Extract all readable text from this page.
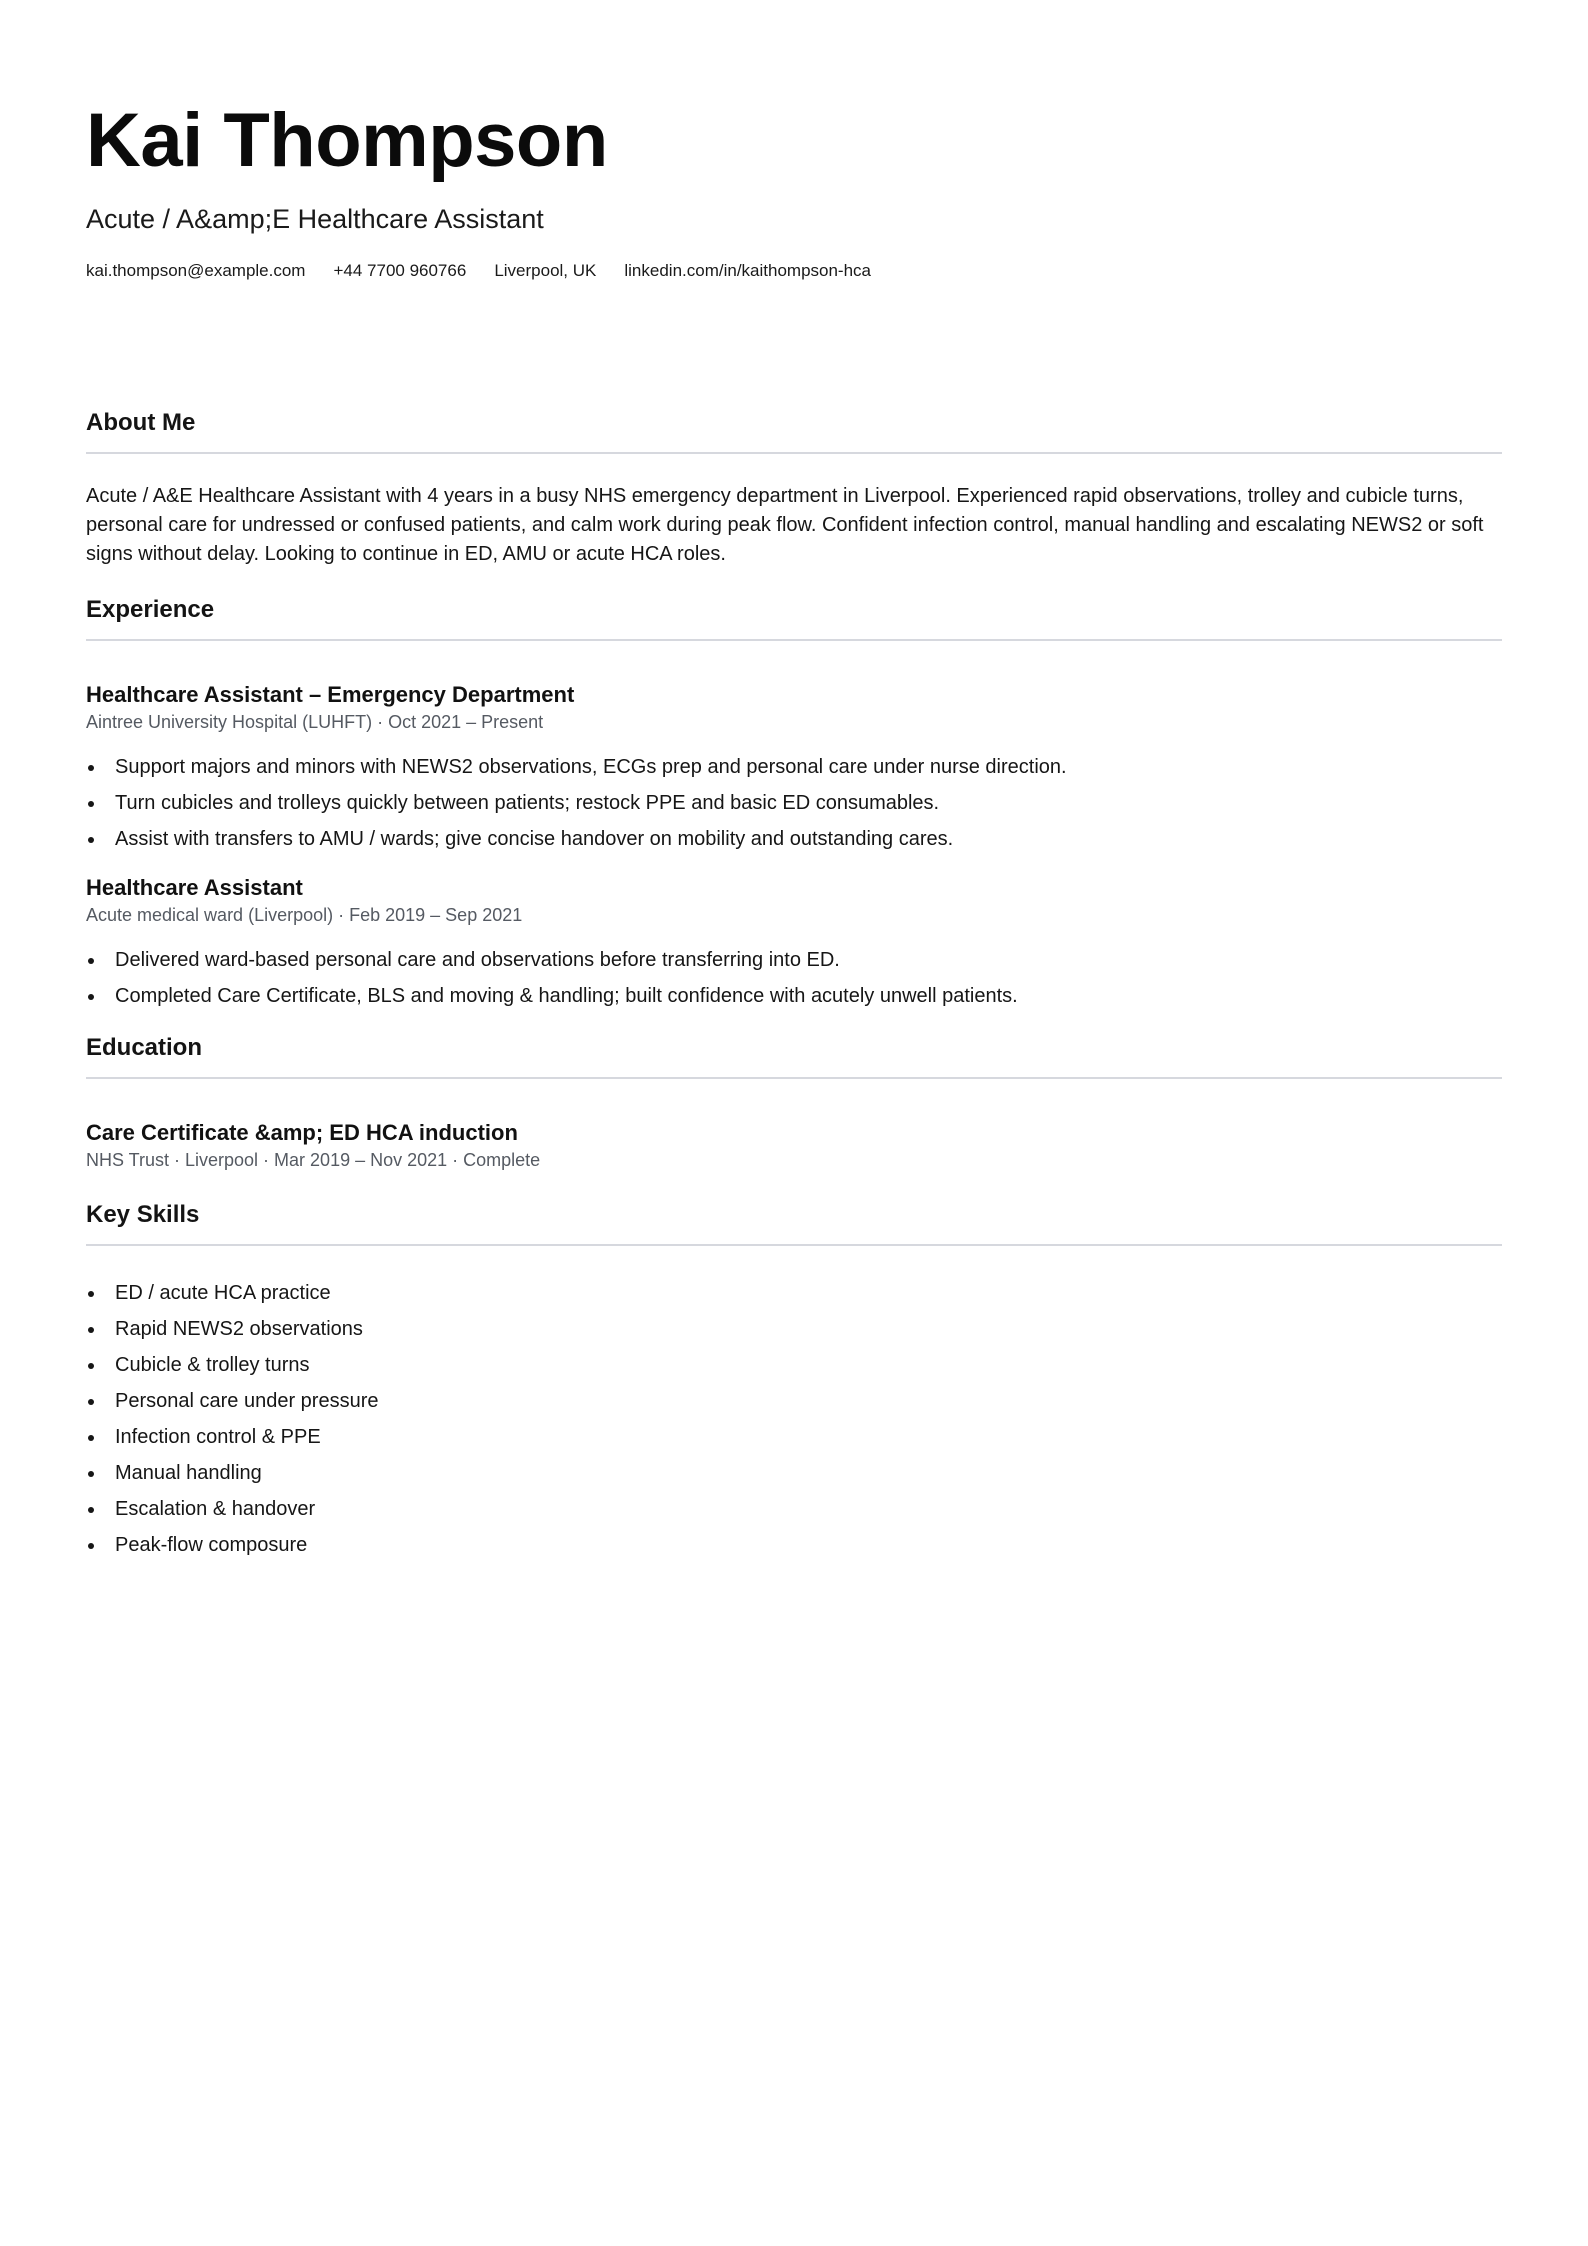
Kai Thompson
Acute / A&amp;E Healthcare Assistant
kai.thompson@example.com +44 7700 960766 Liverpool, UK linkedin.com/in/kaithompson-hca
About Me

Acute / A&E Healthcare Assistant with 4 years in a busy NHS emergency department in Liverpool. Experienced rapid observations, trolley and cubicle turns, personal care for undressed or confused patients, and calm work during peak flow. Confident infection control, manual handling and escalating NEWS2 or soft signs without delay. Looking to continue in ED, AMU or acute HCA roles.

Experience
Healthcare Assistant – Emergency Department
Aintree University Hospital (LUHFT) · Oct 2021 – Present
Support majors and minors with NEWS2 observations, ECGs prep and personal care under nurse direction.
Turn cubicles and trolleys quickly between patients; restock PPE and basic ED consumables.
Assist with transfers to AMU / wards; give concise handover on mobility and outstanding cares.
Healthcare Assistant
Acute medical ward (Liverpool) · Feb 2019 – Sep 2021
Delivered ward-based personal care and observations before transferring into ED.
Completed Care Certificate, BLS and moving & handling; built confidence with acutely unwell patients.
Education
Care Certificate &amp; ED HCA induction
NHS Trust · Liverpool · Mar 2019 – Nov 2021 · Complete
Key Skills
ED / acute HCA practice
Rapid NEWS2 observations
Cubicle & trolley turns
Personal care under pressure
Infection control & PPE
Manual handling
Escalation & handover
Peak-flow composure
